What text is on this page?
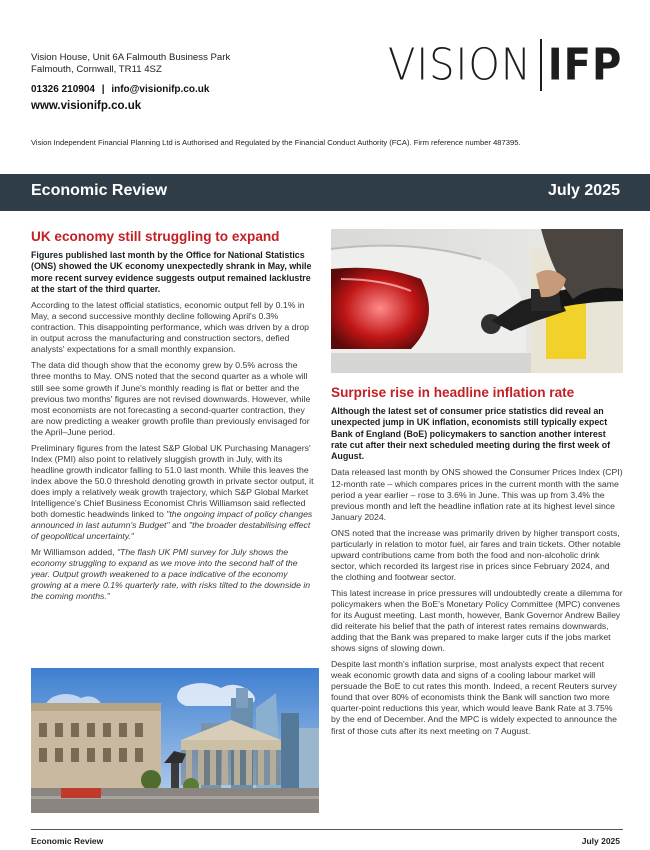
Vision House, Unit 6A Falmouth Business Park
Falmouth, Cornwall, TR11 4SZ
01326 210904 | info@visionifp.co.uk
www.visionifp.co.uk
VISION IFP
Vision Independent Financial Planning Ltd is Authorised and Regulated by the Financial Conduct Authority (FCA). Firm reference number 487395.
Economic Review	July 2025
UK economy still struggling to expand

Figures published last month by the Office for National Statistics (ONS) showed the UK economy unexpectedly shrank in May, while more recent survey evidence suggests output remained lacklustre at the start of the third quarter.

According to the latest official statistics, economic output fell by 0.1% in May, a second successive monthly decline following April's 0.3% contraction. This disappointing performance, which was driven by a drop in output across the manufacturing and construction sectors, defied analysts' expectations for a small monthly expansion.

The data did though show that the economy grew by 0.5% across the three months to May. ONS noted that the second quarter as a whole will still see some growth if June's monthly reading is flat or better and the previous two months' figures are not revised downwards. However, while most economists are not forecasting a second-quarter contraction, they are now predicting a weaker growth profile than previously envisaged for the April–June period.

Preliminary figures from the latest S&P Global UK Purchasing Managers' Index (PMI) also point to relatively sluggish growth in July, with its headline growth indicator falling to 51.0 last month. While this leaves the index above the 50.0 threshold denoting growth in private sector output, it does imply a relatively weak growth trajectory, which S&P Global Market Intelligence's Chief Business Economist Chris Williamson said reflected both domestic headwinds linked to "the ongoing impact of policy changes announced in last autumn's Budget" and "the broader destabilising effect of geopolitical uncertainty."

Mr Williamson added, "The flash UK PMI survey for July shows the economy struggling to expand as we move into the second half of the year. Output growth weakened to a pace indicative of the economy growing at a mere 0.1% quarterly rate, with risks tilted to the downside in the coming months."

Surprise rise in headline inflation rate

Although the latest set of consumer price statistics did reveal an unexpected jump in UK inflation, economists still typically expect Bank of England (BoE) policymakers to sanction another interest rate cut after their next scheduled meeting during the first week of August.

Data released last month by ONS showed the Consumer Prices Index (CPI) 12-month rate – which compares prices in the current month with the same period a year earlier – rose to 3.6% in June. This was up from 3.4% the previous month and left the headline inflation rate at its highest level since January 2024.

ONS noted that the increase was primarily driven by higher transport costs, particularly in relation to motor fuel, air fares and train tickets. Other notable upward contributions came from both the food and non-alcoholic drink sector, which recorded its largest rise in prices since February 2024, and the clothing and footwear sector.

This latest increase in price pressures will undoubtedly create a dilemma for policymakers when the BoE's Monetary Policy Committee (MPC) convenes for its August meeting. Last month, however, Bank Governor Andrew Bailey did reiterate his belief that the path of interest rates remains downwards, adding that the Bank was prepared to make larger cuts if the jobs market shows signs of slowing down.

Despite last month's inflation surprise, most analysts expect that recent weak economic growth data and signs of a cooling labour market will persuade the BoE to cut rates this month. Indeed, a recent Reuters survey found that over 80% of economists think the Bank will sanction two more quarter-point reductions this year, which would leave Bank Rate at 3.75% by the end of December. And the MPC is widely expected to announce the first of those cuts after its next meeting on 7 August.

Economic Review	July 2025
